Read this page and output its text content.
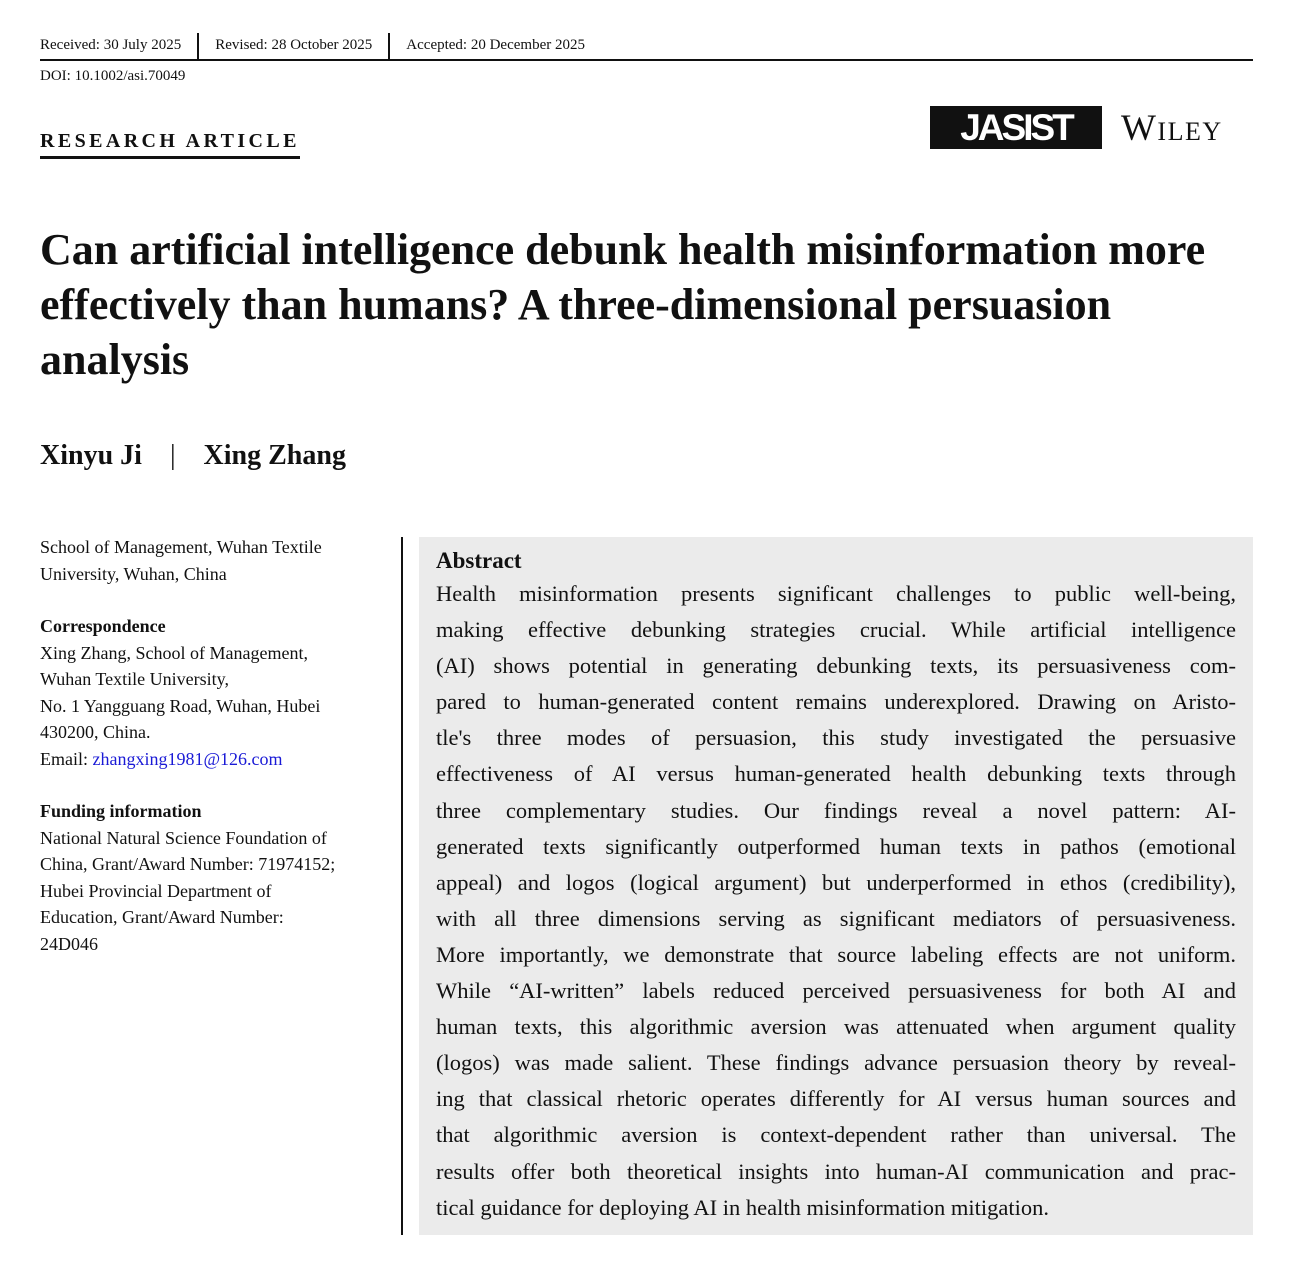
Received: 30 July 2025 Revised: 28 October 2025 Accepted: 20 December 2025
DOI: 10.1002/asi.70049
RESEARCH ARTICLE	JASIST Wiley
Can artificial intelligence debunk health misinformation more effectively than humans? A three-dimensional persuasion analysis
Xinyu Ji | Xing Zhang
School of Management, Wuhan Textile
University, Wuhan, China
Correspondence
Xing Zhang, School of Management,
Wuhan Textile University,
No. 1 Yangguang Road, Wuhan, Hubei
430200, China.
Email: zhangxing1981@126.com
Funding information
National Natural Science Foundation of
China, Grant/Award Number: 71974152;
Hubei Provincial Department of
Education, Grant/Award Number:
24D046
Abstract
Health misinformation presents significant challenges to public well-being,
making effective debunking strategies crucial. While artificial intelligence
(AI) shows potential in generating debunking texts, its persuasiveness com-
pared to human-generated content remains underexplored. Drawing on Aristo-
tle's three modes of persuasion, this study investigated the persuasive
effectiveness of AI versus human-generated health debunking texts through
three complementary studies. Our findings reveal a novel pattern: AI-
generated texts significantly outperformed human texts in pathos (emotional
appeal) and logos (logical argument) but underperformed in ethos (credibility),
with all three dimensions serving as significant mediators of persuasiveness.
More importantly, we demonstrate that source labeling effects are not uniform.
While “AI-written” labels reduced perceived persuasiveness for both AI and
human texts, this algorithmic aversion was attenuated when argument quality
(logos) was made salient. These findings advance persuasion theory by reveal-
ing that classical rhetoric operates differently for AI versus human sources and
that algorithmic aversion is context-dependent rather than universal. The
results offer both theoretical insights into human-AI communication and prac-
tical guidance for deploying AI in health misinformation mitigation.
